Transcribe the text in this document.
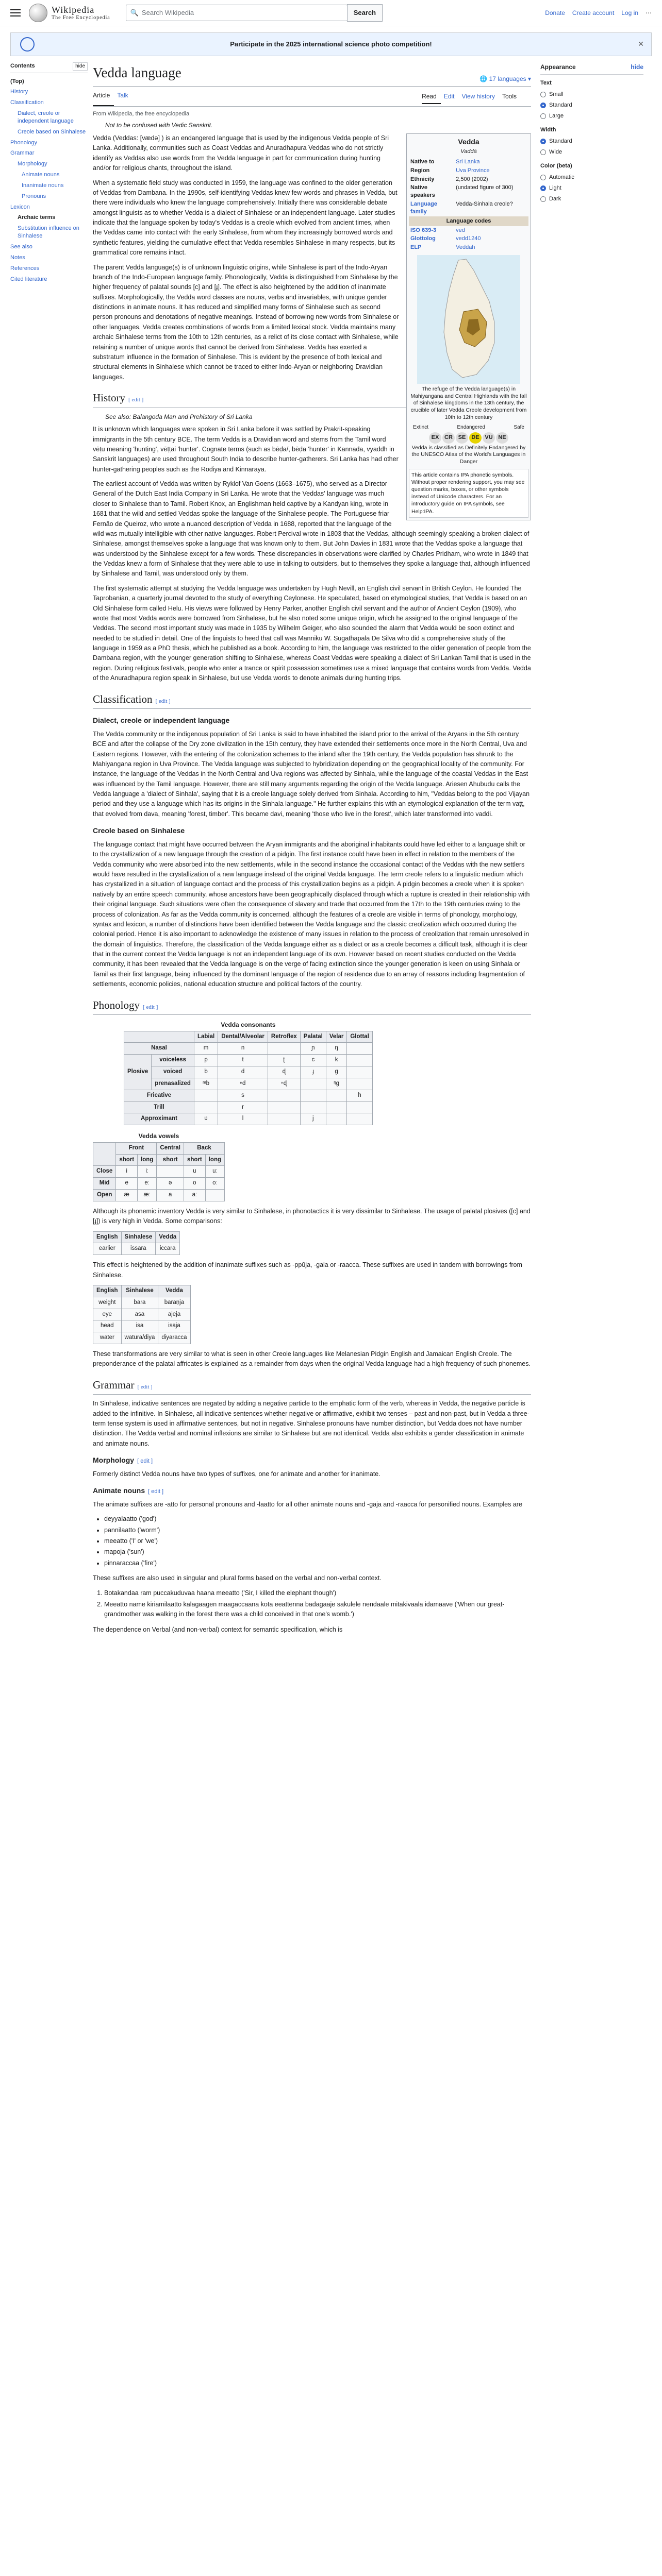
Wikipedia
The Free Encyclopedia
🔍 Search Wikipedia	Search	Donate Create account Log in ⋯
Participate in the 2025 international science photo competition!	✕
Contents	hide
(Top)
History
Classification
Dialect, creole or independent language
Creole based on Sinhalese
Phonology
Grammar
Morphology
Animate nouns
Inanimate nouns
Pronouns
Lexicon
Archaic terms
Substitution influence on Sinhalese
See also
Notes
References
Cited literature
Vedda language	🌐 17 languages ▾
Article	Talk	Read	Edit	View history	Tools
From Wikipedia, the free encyclopedia
Not to be confused with Vedic Sanskrit.
Vedda
Vaddā
Native to	Sri Lanka
Region	Uva Province
Ethnicity	2,500 (2002)
Native speakers	(undated figure of 300)
Language family	Vedda-Sinhala creole?
Language codes	
ISO 639-3	ved
Glottolog	vedd1240
ELP	Veddah
The refuge of the Vedda language(s) in Mahiyangana and Central Highlands with the fall of Sinhalese kingdoms in the 13th century, the crucible of later Vedda Creole development from 10th to 12th century
Extinct	Endangered	Safe
EX CR SE	DE VU NE
Vedda is classified as Definitely Endangered by the UNESCO Atlas of the World's Languages in Danger
This article contains IPA phonetic symbols. Without proper rendering support, you may see question marks, boxes, or other symbols instead of Unicode characters. For an introductory guide on IPA symbols, see Help:IPA.

Vedda (Veddas: [vædə] ) is an endangered language that is used by the indigenous Vedda people of Sri Lanka. Additionally, communities such as Coast Veddas and Anuradhapura Veddas who do not strictly identify as Veddas also use words from the Vedda language in part for communication during hunting and/or for religious chants, throughout the island.

When a systematic field study was conducted in 1959, the language was confined to the older generation of Veddas from Dambana. In the 1990s, self-identifying Veddas knew few words and phrases in Vedda, but there were individuals who knew the language comprehensively. Initially there was considerable debate amongst linguists as to whether Vedda is a dialect of Sinhalese or an independent language. Later studies indicate that the language spoken by today's Veddas is a creole which evolved from ancient times, when the Veddas came into contact with the early Sinhalese, from whom they increasingly borrowed words and synthetic features, yielding the cumulative effect that Vedda resembles Sinhalese in many respects, but its grammatical core remains intact.

The parent Vedda language(s) is of unknown linguistic origins, while Sinhalese is part of the Indo-Aryan branch of the Indo-European language family. Phonologically, Vedda is distinguished from Sinhalese by the higher frequency of palatal sounds [c] and [ɟ]. The effect is also heightened by the addition of inanimate suffixes. Morphologically, the Vedda word classes are nouns, verbs and invariables, with unique gender distinctions in animate nouns. It has reduced and simplified many forms of Sinhalese such as second person pronouns and denotations of negative meanings. Instead of borrowing new words from Sinhalese or other languages, Vedda creates combinations of words from a limited lexical stock. Vedda maintains many archaic Sinhalese terms from the 10th to 12th centuries, as a relict of its close contact with Sinhalese, while retaining a number of unique words that cannot be derived from Sinhalese. Vedda has exerted a substratum influence in the formation of Sinhalese. This is evident by the presence of both lexical and structural elements in Sinhalese which cannot be traced to either Indo-Aryan or neighboring Dravidian languages.

History [ edit ]
See also: Balangoda Man and Prehistory of Sri Lanka

It is unknown which languages were spoken in Sri Lanka before it was settled by Prakrit-speaking immigrants in the 5th century BCE. The term Vedda is a Dravidian word and stems from the Tamil word vēṭu meaning 'hunting', vēṭṭai 'hunter'. Cognate terms (such as bēḍa/, bēḍa 'hunter' in Kannada, vyaddh in Sanskrit languages) are used throughout South India to describe hunter-gatherers. Sri Lanka has had other hunter-gathering peoples such as the Rodiya and Kinnaraya.

The earliest account of Vedda was written by Ryklof Van Goens (1663–1675), who served as a Director General of the Dutch East India Company in Sri Lanka. He wrote that the Veddas' language was much closer to Sinhalese than to Tamil. Robert Knox, an Englishman held captive by a Kandyan king, wrote in 1681 that the wild and settled Veddas spoke the language of the Sinhalese people. The Portuguese friar Fernão de Queiroz, who wrote a nuanced description of Vedda in 1688, reported that the language of the wild was mutually intelligible with other native languages. Robert Percival wrote in 1803 that the Veddas, although seemingly speaking a broken dialect of Sinhalese, amongst themselves spoke a language that was known only to them. But John Davies in 1831 wrote that the Veddas spoke a language that was understood by the Sinhalese except for a few words. These discrepancies in observations were clarified by Charles Pridham, who wrote in 1849 that the Veddas knew a form of Sinhalese that they were able to use in talking to outsiders, but to themselves they spoke a language that, although influenced by Sinhalese and Tamil, was understood only by them.

The first systematic attempt at studying the Vedda language was undertaken by Hugh Nevill, an English civil servant in British Ceylon. He founded The Taprobanian, a quarterly journal devoted to the study of everything Ceylonese. He speculated, based on etymological studies, that Vedda is based on an Old Sinhalese form called Helu. His views were followed by Henry Parker, another English civil servant and the author of Ancient Ceylon (1909), who wrote that most Vedda words were borrowed from Sinhalese, but he also noted some unique origin, which he assigned to the original language of the Veddas. The second most important study was made in 1935 by Wilhelm Geiger, who also sounded the alarm that Vedda would be soon extinct and needed to be studied in detail. One of the linguists to heed that call was Manniku W. Sugathapala De Silva who did a comprehensive study of the language in 1959 as a PhD thesis, which he published as a book. According to him, the language was restricted to the older generation of people from the Dambana region, with the younger generation shifting to Sinhalese, whereas Coast Veddas were speaking a dialect of Sri Lankan Tamil that is used in the region. During religious festivals, people who enter a trance or spirit possession sometimes use a mixed language that contains words from Vedda. Vedda of the Anuradhapura region speak in Sinhalese, but use Vedda words to denote animals during hunting trips.

Classification [ edit ]
Dialect, creole or independent language

The Vedda community or the indigenous population of Sri Lanka is said to have inhabited the island prior to the arrival of the Aryans in the 5th century BCE and after the collapse of the Dry zone civilization in the 15th century, they have extended their settlements once more in the North Central, Uva and Eastern regions. However, with the entering of the colonization schemes to the inland after the 19th century, the Vedda population has shrunk to the Mahiyangana region in Uva Province. The Vedda language was subjected to hybridization depending on the geographical locality of the community. For instance, the language of the Veddas in the North Central and Uva regions was affected by Sinhala, while the language of the coastal Veddas in the East was influenced by the Tamil language. However, there are still many arguments regarding the origin of the Vedda language. Ariesen Ahubudu calls the Vedda language a 'dialect of Sinhala', saying that it is a creole language solely derived from Sinhala. According to him, "Veddas belong to the pod Vijayan period and they use a language which has its origins in the Sinhala language." He further explains this with an etymological explanation of the term vaṭṭ, that evolved from dava, meaning 'forest, timber'. This became davi, meaning 'those who live in the forest', which later transformed into vaddi.

Creole based on Sinhalese

The language contact that might have occurred between the Aryan immigrants and the aboriginal inhabitants could have led either to a language shift or to the crystallization of a new language through the creation of a pidgin. The first instance could have been in effect in relation to the members of the Vedda community who were absorbed into the new settlements, while in the second instance the occasional contact of the Veddas with the new settlers would have resulted in the crystallization of a new language instead of the original Vedda language. The term creole refers to a linguistic medium which has crystallized in a situation of language contact and the process of this crystallization begins as a pidgin. A pidgin becomes a creole when it is spoken natively by an entire speech community, whose ancestors have been geographically displaced through which a rupture is created in their relationship with their original language. Such situations were often the consequence of slavery and trade that occurred from the 17th to the 19th centuries owing to the process of colonization. As far as the Vedda community is concerned, although the features of a creole are visible in terms of phonology, morphology, syntax and lexicon, a number of distinctions have been identified between the Vedda language and the classic creolization which occurred during the colonial period. Hence it is also important to acknowledge the existence of many issues in relation to the process of creolization that remain unresolved in the domain of linguistics. Therefore, the classification of the Vedda language either as a dialect or as a creole becomes a difficult task, although it is clear that in the current context the Vedda language is not an independent language of its own. However based on recent studies conducted on the Vedda community, it has been revealed that the Vedda language is on the verge of facing extinction since the younger generation is keen on using Sinhala or Tamil as their first language, being influenced by the dominant language of the region of residence due to an array of reasons including fragmentation of settlements, economic policies, national education structure and political factors of the country.

Phonology [ edit ]
Vedda consonants
		Labial	Dental/Alveolar	Retroflex	Palatal	Velar	Glottal
Nasal		m	n		ɲ	ŋ	
Plosive	voiceless	p	t	ʈ	c	k	
	voiced	b	d	ɖ	ɟ	ɡ	
	prenasalized	ᵐb	ⁿd	ⁿɖ		ᵑɡ	
Fricative			s				h
Trill			r				
Approximant		ʋ	l		j		
Vedda vowels
	Front		Central	Back	
	short	long	short	short	long
Close	i	iː		u	uː
Mid	e	eː	ə	o	oː
Open	æ	æː	a	aː	

Although its phonemic inventory Vedda is very similar to Sinhalese, in phonotactics it is very dissimilar to Sinhalese. The usage of palatal plosives ([c] and [ɟ]) is very high in Vedda. Some comparisons:

English	Sinhalese	Vedda
earlier	issara	iccara

This effect is heightened by the addition of inanimate suffixes such as -ppūja, -gala or -raacca. These suffixes are used in tandem with borrowings from Sinhalese.

English	Sinhalese	Vedda
weight	bara	baraṇja
eye	asa	ajeja
head	isa	isaja
water	watura/diya	diyaracca

These transformations are very similar to what is seen in other Creole languages like Melanesian Pidgin English and Jamaican English Creole. The preponderance of the palatal affricates is explained as a remainder from days when the original Vedda language had a high frequency of such phonemes.

Grammar [ edit ]

In Sinhalese, indicative sentences are negated by adding a negative particle to the emphatic form of the verb, whereas in Vedda, the negative particle is added to the infinitive. In Sinhalese, all indicative sentences whether negative or affirmative, exhibit two tenses – past and non-past, but in Vedda a three-term tense system is used in affirmative sentences, but not in negative. Sinhalese pronouns have number distinction, but Vedda does not have number distinction. The Vedda verbal and nominal inflexions are similar to Sinhalese but are not identical. Vedda also exhibits a gender classification in animate and animate nouns.

Morphology [ edit ]

Formerly distinct Vedda nouns have two types of suffixes, one for animate and another for inanimate.

Animate nouns [ edit ]

The animate suffixes are -atto for personal pronouns and -laatto for all other animate nouns and -gaja and -raacca for personified nouns. Examples are

• deyyalaatto ('god')
• pannilaatto ('worm')
• meeatto ('I' or 'we')
• mapoja ('sun')
• pinnaraccaa ('fire')

These suffixes are also used in singular and plural forms based on the verbal and non-verbal context.

1. Botakandaa ram puccakuduvaa haana meeatto ('Sir, I killed the elephant though')
2. Meeatto name kiriamilaatto kalagaagen maagaccaana kota eeattenna badagaaje sakulele nendaale mitakivaala idamaave ('When our great-grandmother was walking in the forest there was a child conceived in that one's womb.')

The dependence on Verbal (and non-verbal) context for semantic specification, which is

Appearance	hide
Text
Small
Standard
Large
Width
Standard
Wide
Color (beta)
Automatic
Light
Dark
